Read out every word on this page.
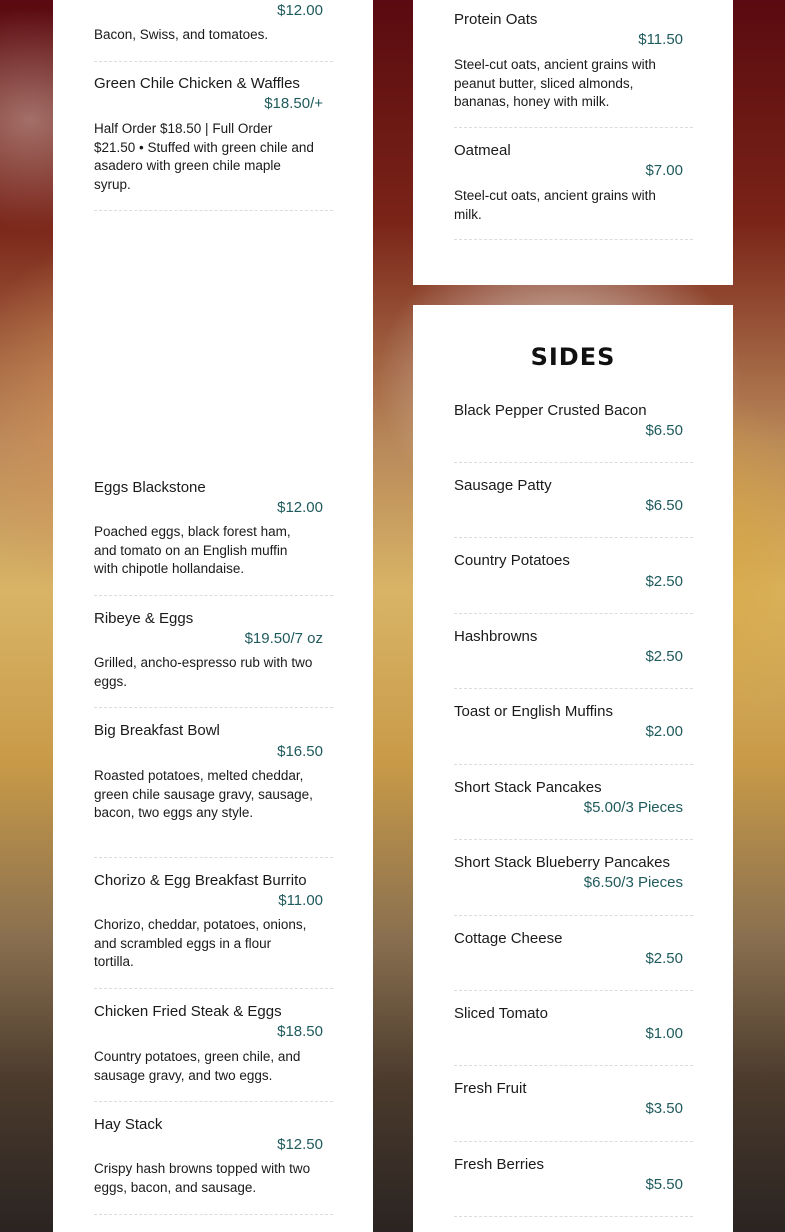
$12.00
Bacon, Swiss, and tomatoes.
Green Chile Chicken & Waffles
$18.50/+
Half Order $18.50 | Full Order $21.50 • Stuffed with green chile and asadero with green chile maple syrup.
Eggs Blackstone
$12.00
Poached eggs, black forest ham, and tomato on an English muffin with chipotle hollandaise.
Ribeye & Eggs
$19.50/7 oz
Grilled, ancho-espresso rub with two eggs.
Big Breakfast Bowl
$16.50
Roasted potatoes, melted cheddar, green chile sausage gravy, sausage, bacon, two eggs any style.
Chorizo & Egg Breakfast Burrito
$11.00
Chorizo, cheddar, potatoes, onions, and scrambled eggs in a flour tortilla.
Chicken Fried Steak & Eggs
$18.50
Country potatoes, green chile, and sausage gravy, and two eggs.
Hay Stack
$12.50
Crispy hash browns topped with two eggs, bacon, and sausage.
Protein Oats
$11.50
Steel-cut oats, ancient grains with peanut butter, sliced almonds, bananas, honey with milk.
Oatmeal
$7.00
Steel-cut oats, ancient grains with milk.
SIDES
Black Pepper Crusted Bacon
$6.50
Sausage Patty
$6.50
Country Potatoes
$2.50
Hashbrowns
$2.50
Toast or English Muffins
$2.00
Short Stack Pancakes
$5.00/3 Pieces
Short Stack Blueberry Pancakes
$6.50/3 Pieces
Cottage Cheese
$2.50
Sliced Tomato
$1.00
Fresh Fruit
$3.50
Fresh Berries
$5.50
